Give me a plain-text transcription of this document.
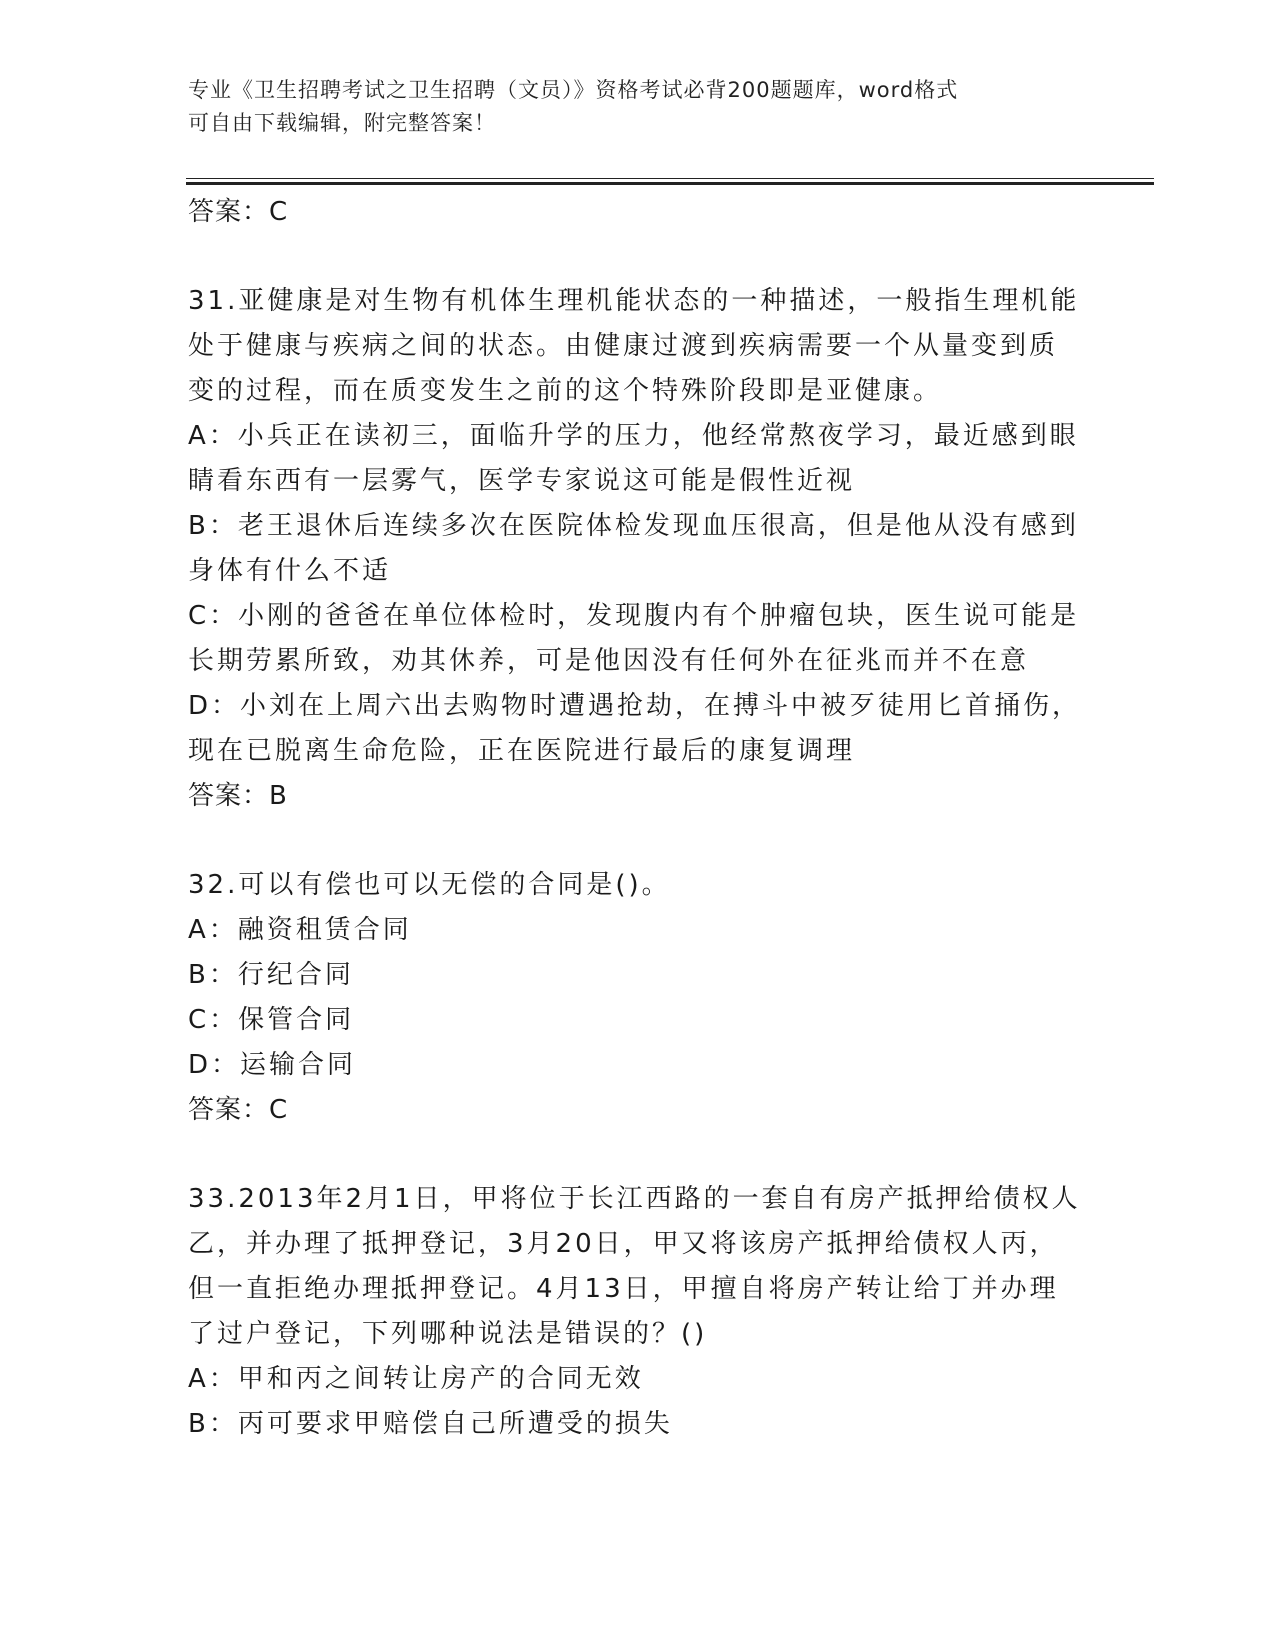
专业《卫生招聘考试之卫生招聘（文员）》资格考试必背200题题库，word格式
可自由下载编辑，附完整答案！
答案：C
31.亚健康是对生物有机体生理机能状态的一种描述，一般指生理机能
处于健康与疾病之间的状态。由健康过渡到疾病需要一个从量变到质
变的过程，而在质变发生之前的这个特殊阶段即是亚健康。
A：小兵正在读初三，面临升学的压力，他经常熬夜学习，最近感到眼
睛看东西有一层雾气，医学专家说这可能是假性近视
B：老王退休后连续多次在医院体检发现血压很高，但是他从没有感到
身体有什么不适
C：小刚的爸爸在单位体检时，发现腹内有个肿瘤包块，医生说可能是
长期劳累所致，劝其休养，可是他因没有任何外在征兆而并不在意
D：小刘在上周六出去购物时遭遇抢劫，在搏斗中被歹徒用匕首捅伤，
现在已脱离生命危险，正在医院进行最后的康复调理
答案：B
32.可以有偿也可以无偿的合同是()。
A：融资租赁合同
B：行纪合同
C：保管合同
D：运输合同
答案：C
33.2013年2月1日，甲将位于长江西路的一套自有房产抵押给债权人
乙，并办理了抵押登记，3月20日，甲又将该房产抵押给债权人丙，
但一直拒绝办理抵押登记。4月13日，甲擅自将房产转让给丁并办理
了过户登记，下列哪种说法是错误的？()
A：甲和丙之间转让房产的合同无效
B：丙可要求甲赔偿自己所遭受的损失
